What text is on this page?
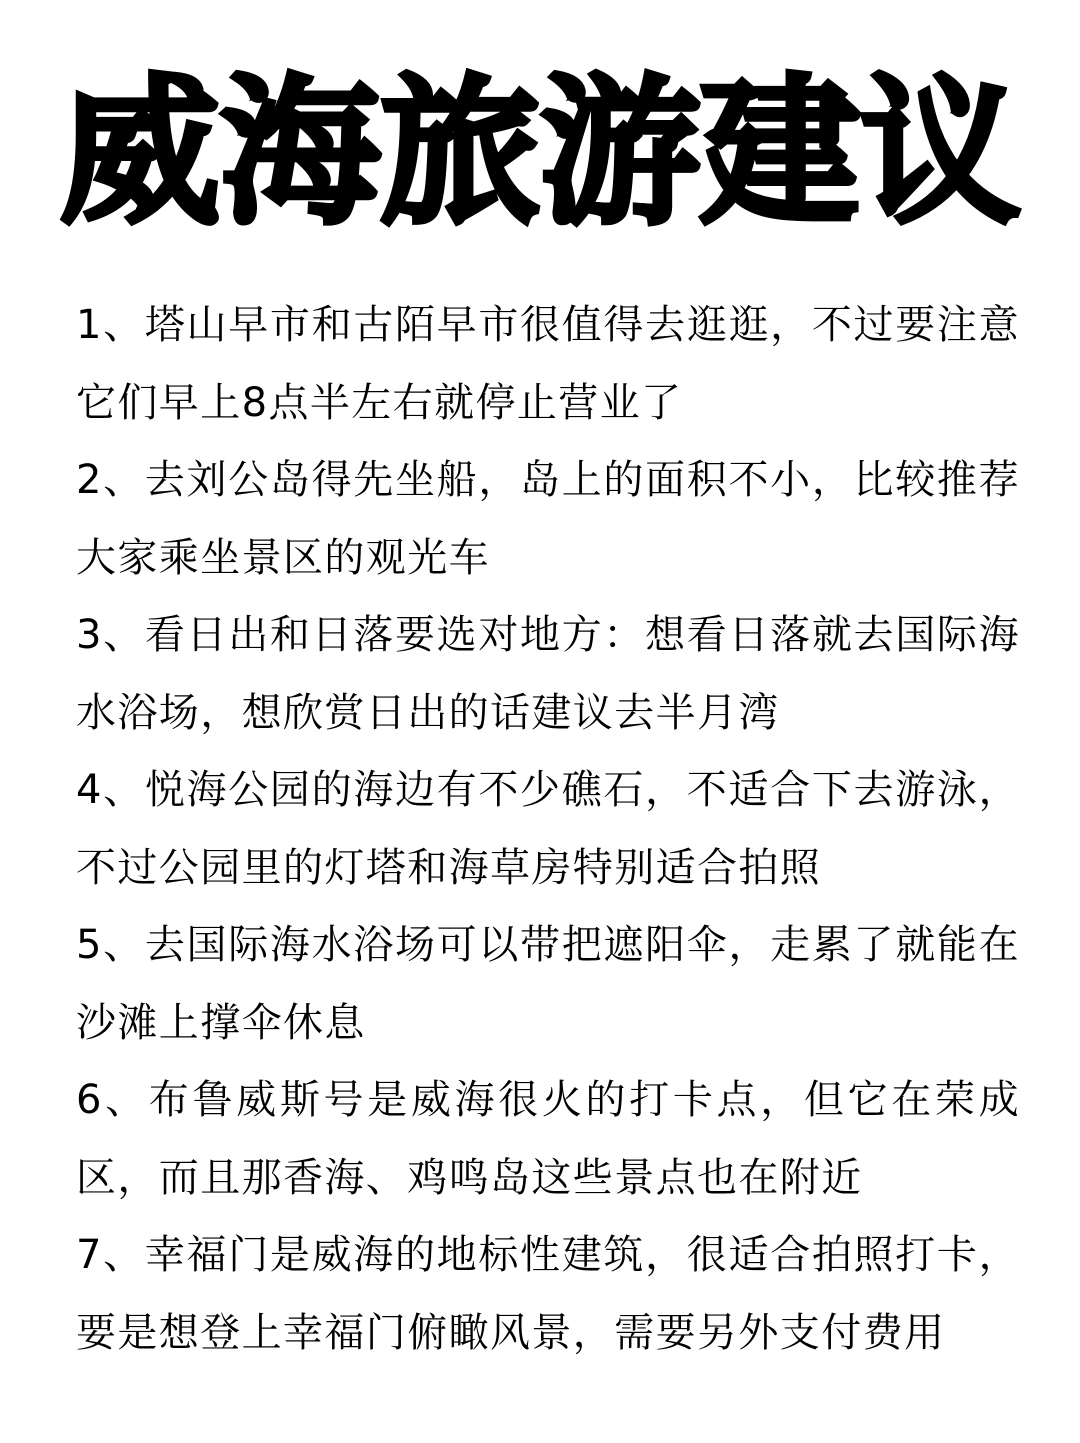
威海旅游建议
1、塔山早市和古陌早市很值得去逛逛，不过要注意它们早上8点半左右就停止营业了
2、去刘公岛得先坐船，岛上的面积不小，比较推荐大家乘坐景区的观光车
3、看日出和日落要选对地方：想看日落就去国际海水浴场，想欣赏日出的话建议去半月湾
4、悦海公园的海边有不少礁石，不适合下去游泳，不过公园里的灯塔和海草房特别适合拍照
5、去国际海水浴场可以带把遮阳伞，走累了就能在沙滩上撑伞休息
6、布鲁威斯号是威海很火的打卡点，但它在荣成区，而且那香海、鸡鸣岛这些景点也在附近
7、幸福门是威海的地标性建筑，很适合拍照打卡，要是想登上幸福门俯瞰风景，需要另外支付费用
